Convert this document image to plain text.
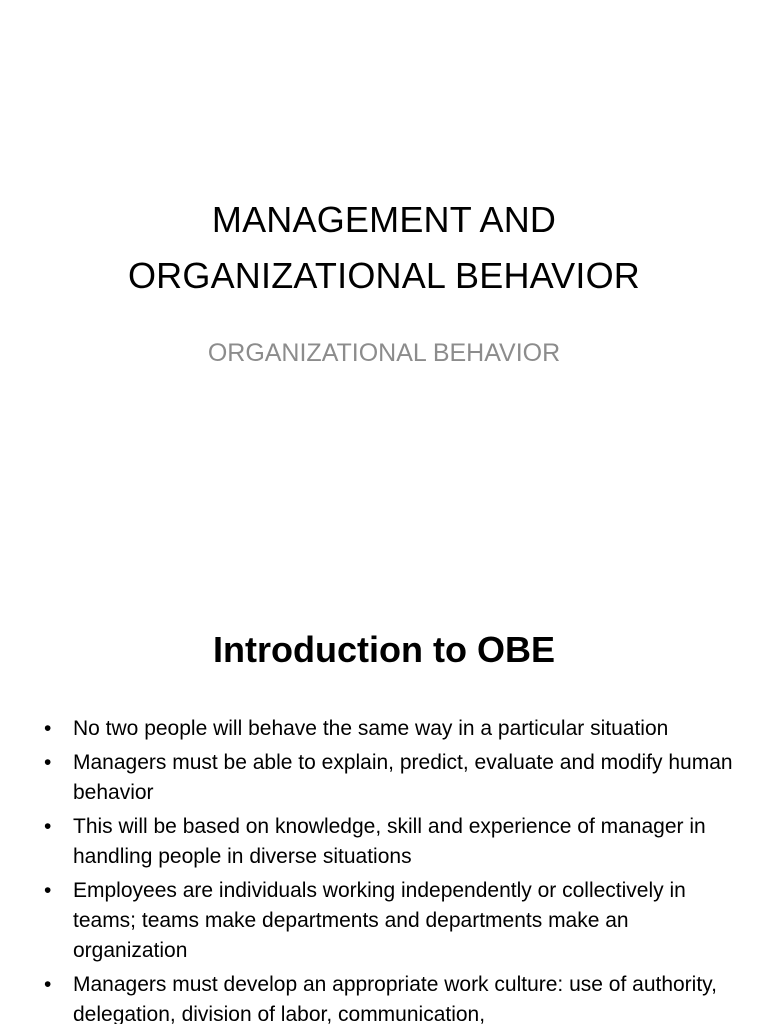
MANAGEMENT AND
ORGANIZATIONAL BEHAVIOR
ORGANIZATIONAL BEHAVIOR
Introduction to OBE
•	No two people will behave the same way in a particular situation
•	Managers must be able to explain, predict, evaluate and modify human behavior
•	This will be based on knowledge, skill and experience of manager in handling people in diverse situations
•	Employees are individuals working independently or collectively in teams; teams make departments and departments make an organization
•	Managers must develop an appropriate work culture: use of authority, delegation, division of labor, communication,
